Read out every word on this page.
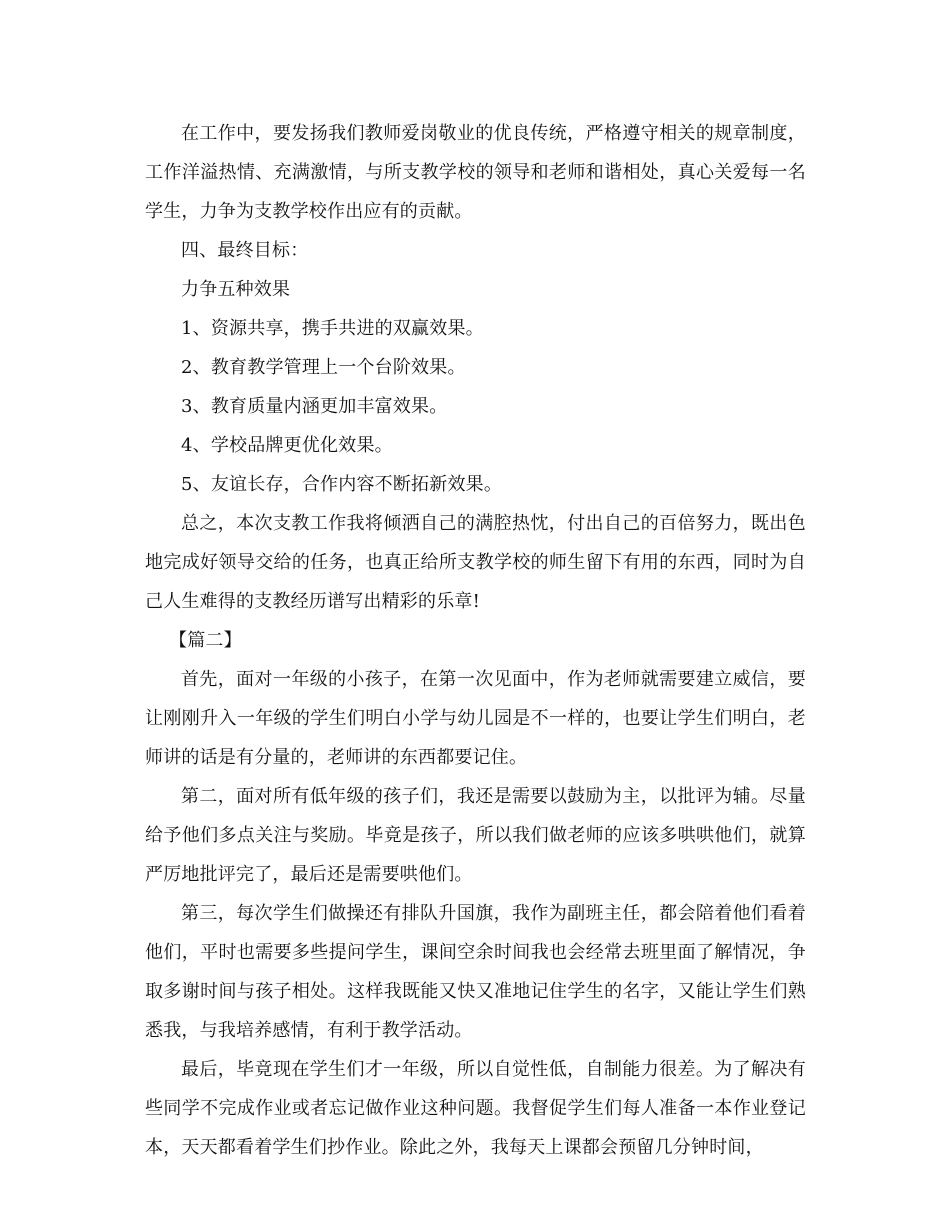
在工作中，要发扬我们教师爱岗敬业的优良传统，严格遵守相关的规章制度，工作洋溢热情、充满激情，与所支教学校的领导和老师和谐相处，真心关爱每一名学生，力争为支教学校作出应有的贡献。

四、最终目标：

力争五种效果

1、资源共享，携手共进的双赢效果。

2、教育教学管理上一个台阶效果。

3、教育质量内涵更加丰富效果。

4、学校品牌更优化效果。

5、友谊长存，合作内容不断拓新效果。

总之，本次支教工作我将倾洒自己的满腔热忱，付出自己的百倍努力，既出色地完成好领导交给的任务，也真正给所支教学校的师生留下有用的东西，同时为自己人生难得的支教经历谱写出精彩的乐章!

【篇二】

首先，面对一年级的小孩子，在第一次见面中，作为老师就需要建立威信，要让刚刚升入一年级的学生们明白小学与幼儿园是不一样的，也要让学生们明白，老师讲的话是有分量的，老师讲的东西都要记住。

第二，面对所有低年级的孩子们，我还是需要以鼓励为主，以批评为辅。尽量给予他们多点关注与奖励。毕竟是孩子，所以我们做老师的应该多哄哄他们，就算严厉地批评完了，最后还是需要哄他们。

第三，每次学生们做操还有排队升国旗，我作为副班主任，都会陪着他们看着他们，平时也需要多些提问学生，课间空余时间我也会经常去班里面了解情况，争取多谢时间与孩子相处。这样我既能又快又准地记住学生的名字，又能让学生们熟悉我，与我培养感情，有利于教学活动。

最后，毕竟现在学生们才一年级，所以自觉性低，自制能力很差。为了解决有些同学不完成作业或者忘记做作业这种问题。我督促学生们每人准备一本作业登记本，天天都看着学生们抄作业。除此之外，我每天上课都会预留几分钟时间，
